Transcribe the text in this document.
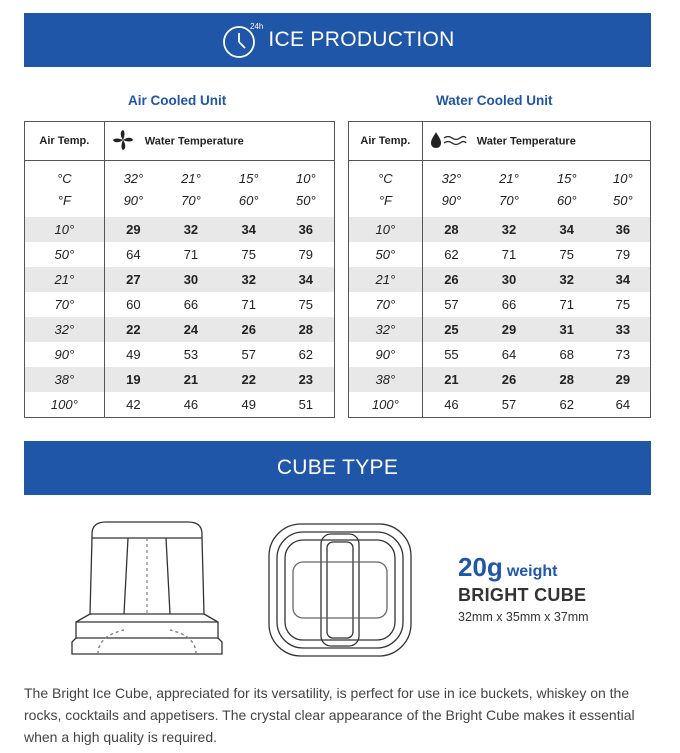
24h
ICE PRODUCTION
Air Cooled Unit	Water Cooled Unit
Air Temp.	Water Temperature			
°C	32°	21°	15°	10°
°F	90°	70°	60°	50°
10°	29	32	34	36
50°	64	71	75	79
21°	27	30	32	34
70°	60	66	71	75
32°	22	24	26	28
90°	49	53	57	62
38°	19	21	22	23
100°	42	46	49	51
Air Temp.	Water Temperature			
°C	32°	21°	15°	10°
°F	90°	70°	60°	50°
10°	28	32	34	36
50°	62	71	75	79
21°	26	30	32	34
70°	57	66	71	75
32°	25	29	31	33
90°	55	64	68	73
38°	21	26	28	29
100°	46	57	62	64
CUBE TYPE
20g weight
BRIGHT CUBE
32mm x 35mm x 37mm
The Bright Ice Cube, appreciated for its versatility, is perfect for use in ice buckets, whiskey on the rocks, cocktails and appetisers. The crystal clear appearance of the Bright Cube makes it essential when a high quality is required.
